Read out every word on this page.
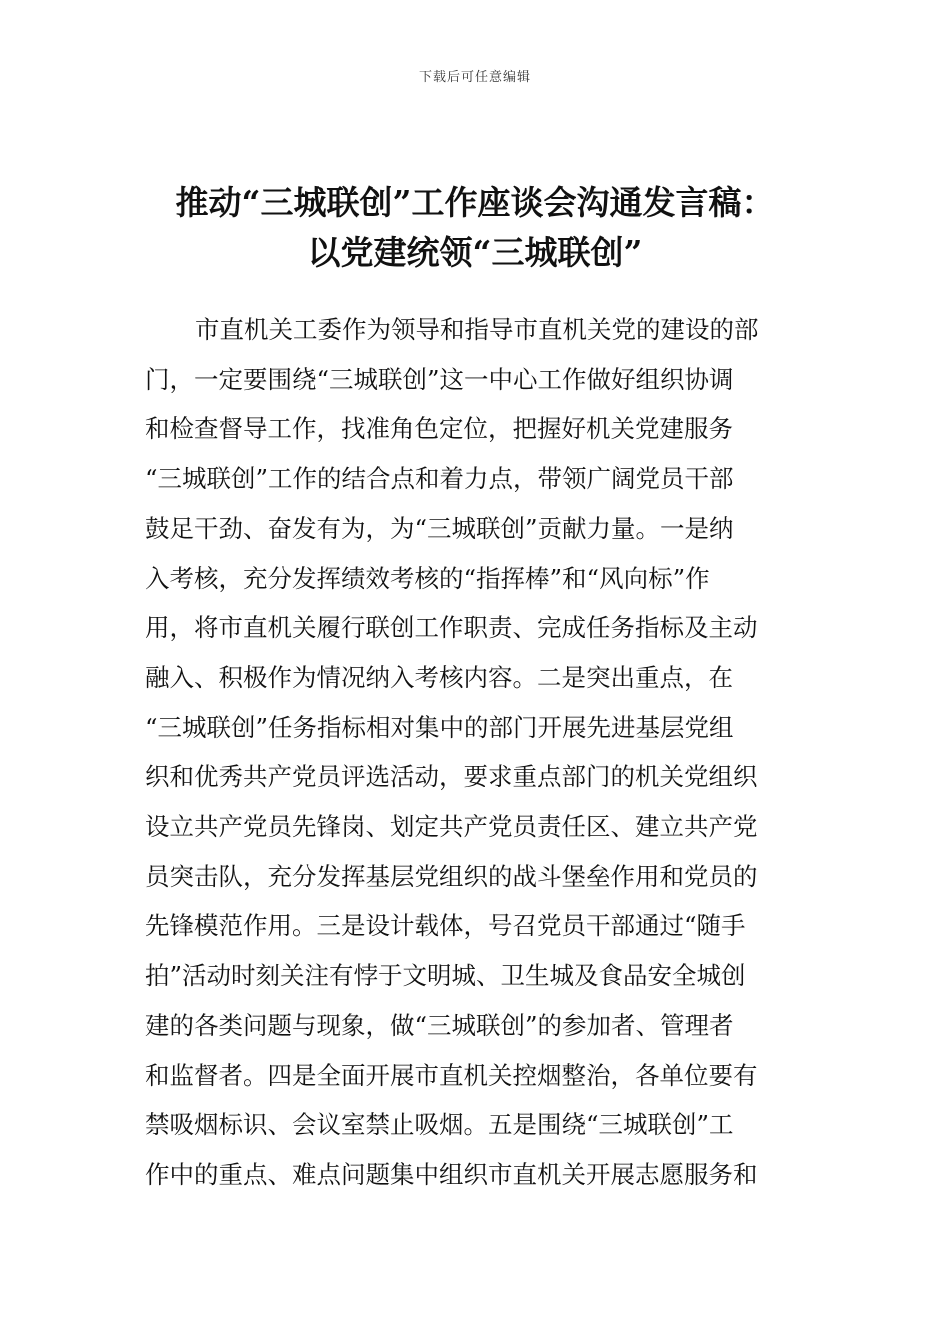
下载后可任意编辑
推动“三城联创”工作座谈会沟通发言稿：
以党建统领“三城联创”
市直机关工委作为领导和指导市直机关党的建设的部
门，一定要围绕“三城联创”这一中心工作做好组织协调
和检查督导工作，找准角色定位，把握好机关党建服务
“三城联创”工作的结合点和着力点，带领广阔党员干部
鼓足干劲、奋发有为，为“三城联创”贡献力量。一是纳
入考核，充分发挥绩效考核的“指挥棒”和“风向标”作
用，将市直机关履行联创工作职责、完成任务指标及主动
融入、积极作为情况纳入考核内容。二是突出重点，在
“三城联创”任务指标相对集中的部门开展先进基层党组
织和优秀共产党员评选活动，要求重点部门的机关党组织
设立共产党员先锋岗、划定共产党员责任区、建立共产党
员突击队，充分发挥基层党组织的战斗堡垒作用和党员的
先锋模范作用。三是设计载体，号召党员干部通过“随手
拍”活动时刻关注有悖于文明城、卫生城及食品安全城创
建的各类问题与现象，做“三城联创”的参加者、管理者
和监督者。四是全面开展市直机关控烟整治，各单位要有
禁吸烟标识、会议室禁止吸烟。五是围绕“三城联创”工
作中的重点、难点问题集中组织市直机关开展志愿服务和
